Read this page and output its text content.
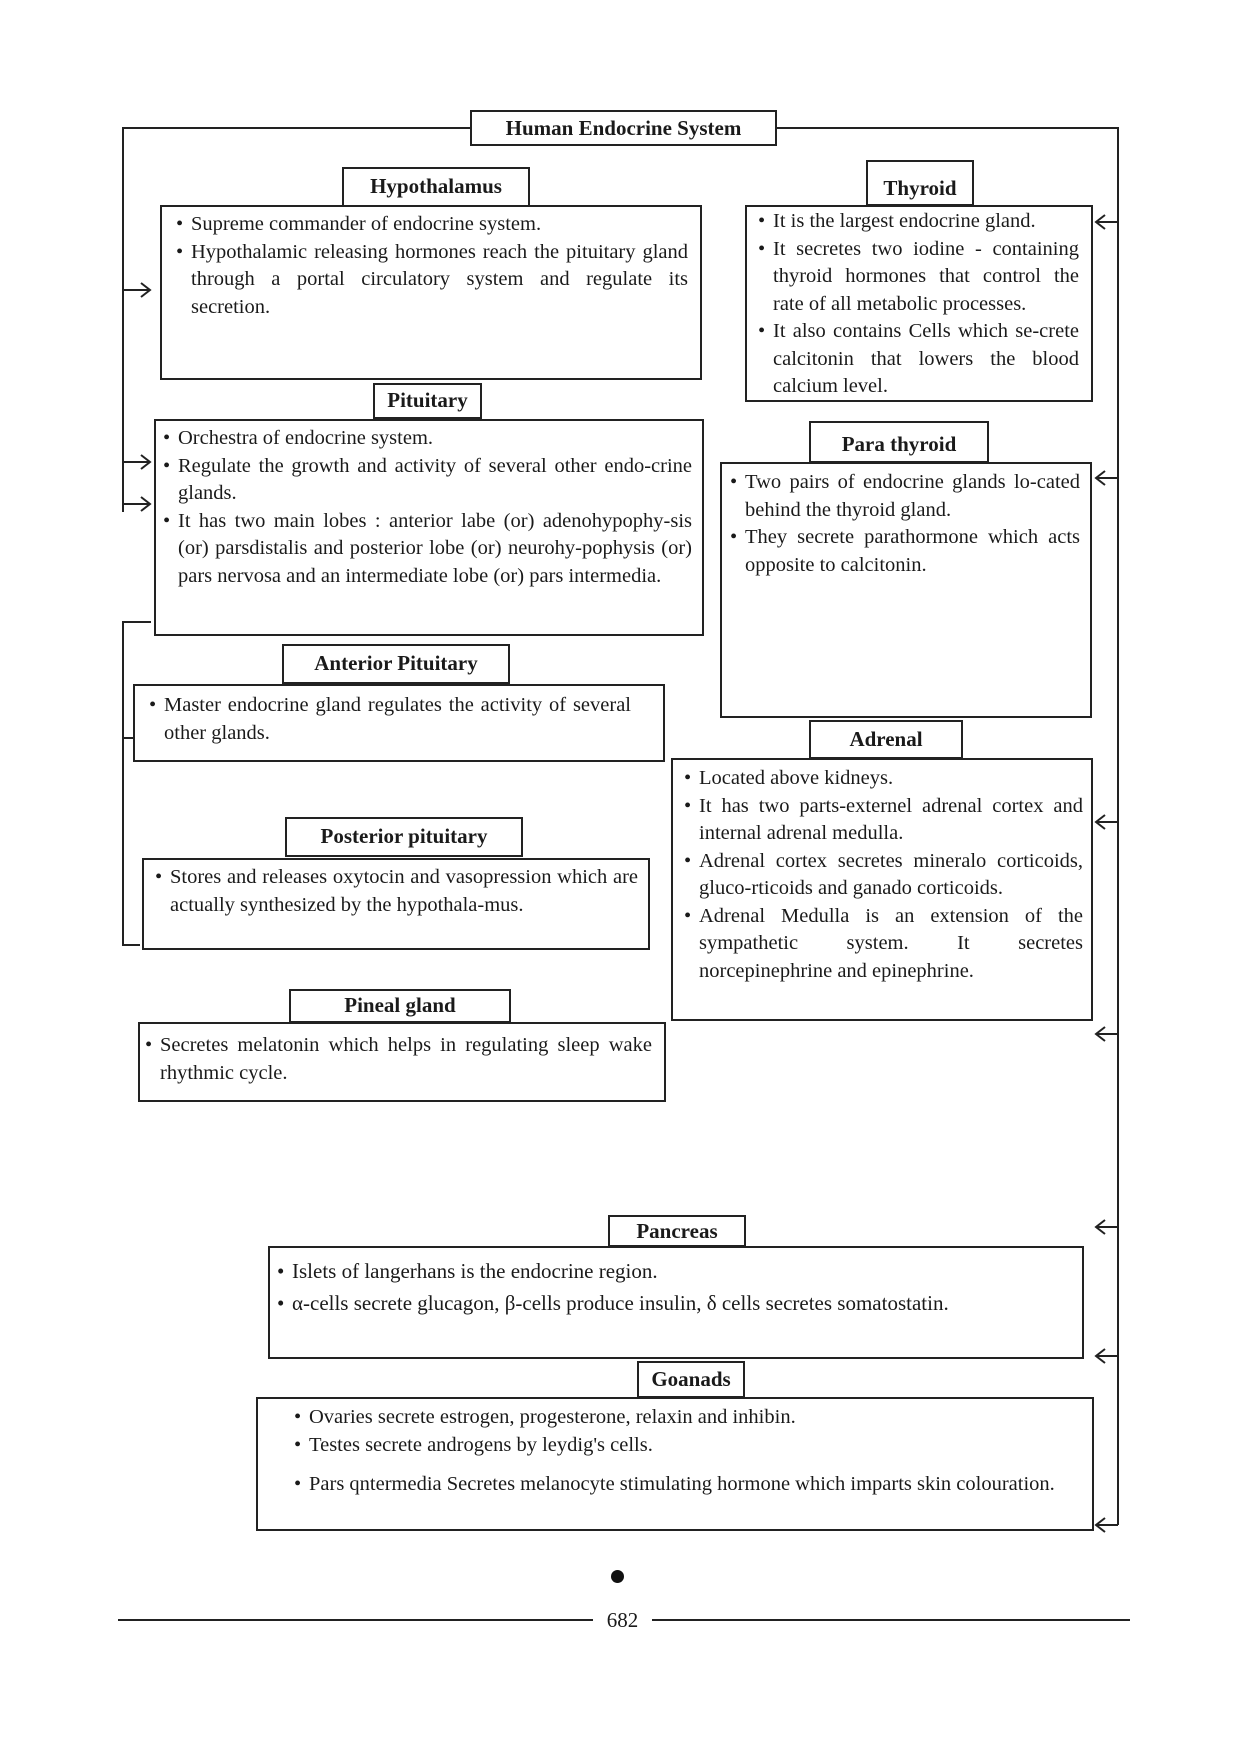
Human Endocrine System
Hypothalamus
• Supreme commander of endocrine system.
• Hypothalamic releasing hormones reach the pituitary gland through a portal circulatory system and regulate its secretion.
Pituitary
• Orchestra of endocrine system.
• Regulate the growth and activity of several other endo-crine glands.
• It has two main lobes : anterior labe (or) adenohypophy-sis (or) parsdistalis and posterior lobe (or) neurohy-pophysis (or) pars nervosa and an intermediate lobe (or) pars intermedia.
Anterior Pituitary
• Master endocrine gland regulates the activity of several other glands.
Posterior pituitary
• Stores and releases oxytocin and vasopression which are actually synthesized by the hypothala-mus.
Pineal gland
• Secretes melatonin which helps in regulating sleep wake rhythmic cycle.
Thyroid
• It is the largest endocrine gland.
• It secretes two iodine - containing thyroid hormones that control the rate of all metabolic processes.
• It also contains Cells which se-crete calcitonin that lowers the blood calcium level.
Para thyroid
• Two pairs of endocrine glands lo-cated behind the thyroid gland.
• They secrete parathormone which acts opposite to calcitonin.
Adrenal
• Located above kidneys.
• It has two parts-externel adrenal cortex and internal adrenal medulla.
• Adrenal cortex secretes mineralo corticoids, gluco-rticoids and ganado corticoids.
• Adrenal Medulla is an extension of the sympathetic system. It secretes norcepinephrine and epinephrine.
Pancreas
• Islets of langerhans is the endocrine region.
• α-cells secrete glucagon, β-cells produce insulin, δ cells secretes somatostatin.
Goanads
• Ovaries secrete estrogen, progesterone, relaxin and inhibin.
• Testes secrete androgens by leydig's cells.
• Pars qntermedia Secretes melanocyte stimulating hormone which imparts skin colouration.
682
